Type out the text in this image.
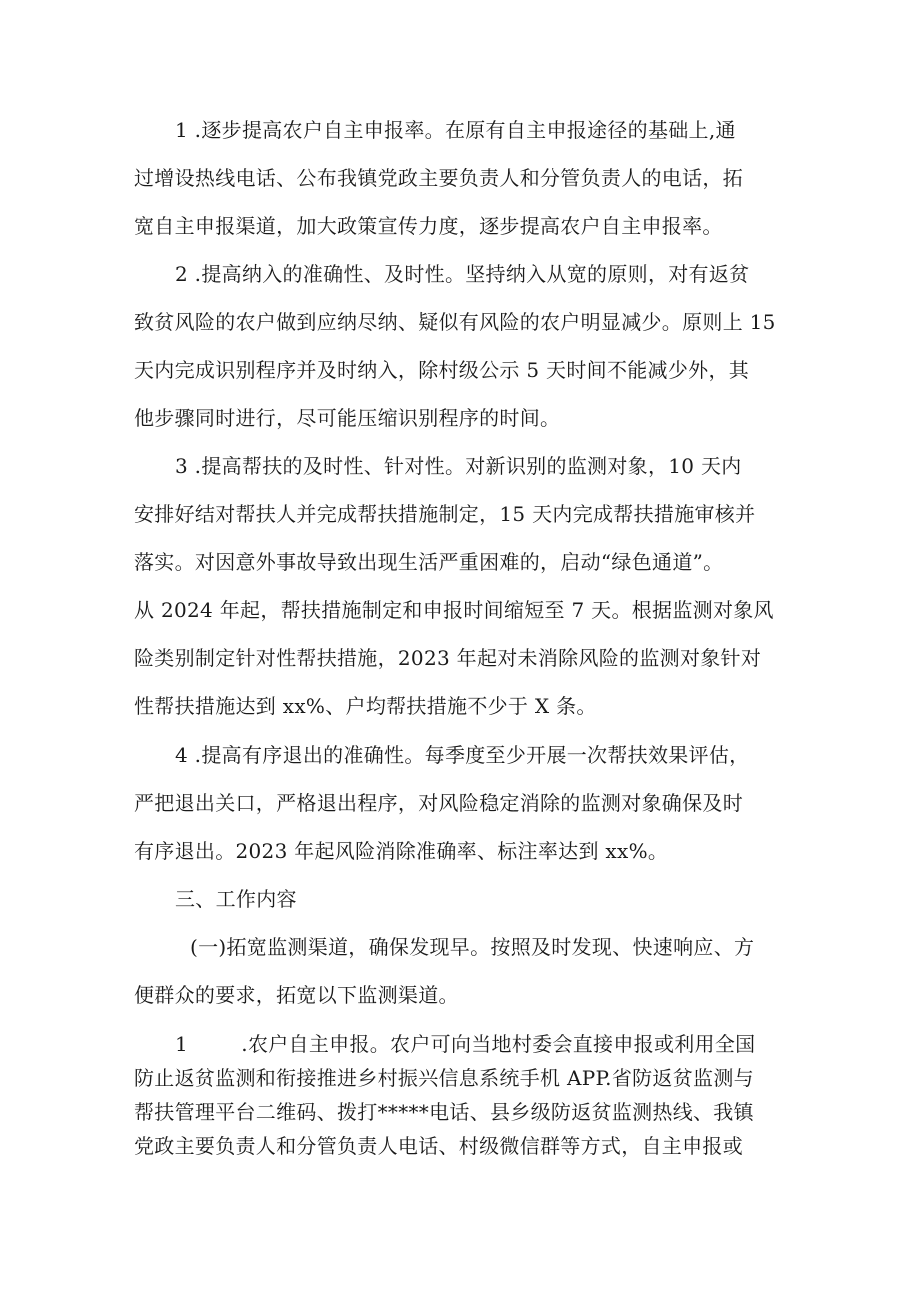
1 .逐步提高农户自主申报率。在原有自主申报途径的基础上,通
过增设热线电话、公布我镇党政主要负责人和分管负责人的电话，拓
宽自主申报渠道，加大政策宣传力度，逐步提高农户自主申报率。
2 .提高纳入的准确性、及时性。坚持纳入从宽的原则，对有返贫
致贫风险的农户做到应纳尽纳、疑似有风险的农户明显减少。原则上 15
天内完成识别程序并及时纳入，除村级公示 5 天时间不能减少外，其
他步骤同时进行，尽可能压缩识别程序的时间。
3 .提高帮扶的及时性、针对性。对新识别的监测对象，10 天内
安排好结对帮扶人并完成帮扶措施制定，15 天内完成帮扶措施审核并
落实。对因意外事故导致出现生活严重困难的，启动“绿色通道”。
从 2024 年起，帮扶措施制定和申报时间缩短至 7 天。根据监测对象风
险类别制定针对性帮扶措施，2023 年起对未消除风险的监测对象针对
性帮扶措施达到 xx%、户均帮扶措施不少于 X 条。
4 .提高有序退出的准确性。每季度至少开展一次帮扶效果评估，
严把退出关口，严格退出程序，对风险稳定消除的监测对象确保及时
有序退出。2023 年起风险消除准确率、标注率达到 xx%。
三、工作内容
(一)拓宽监测渠道，确保发现早。按照及时发现、快速响应、方
便群众的要求，拓宽以下监测渠道。
1        .农户自主申报。农户可向当地村委会直接申报或利用全国
防止返贫监测和衔接推进乡村振兴信息系统手机 APP.省防返贫监测与
帮扶管理平台二维码、拨打*****电话、县乡级防返贫监测热线、我镇
党政主要负责人和分管负责人电话、村级微信群等方式，自主申报或
